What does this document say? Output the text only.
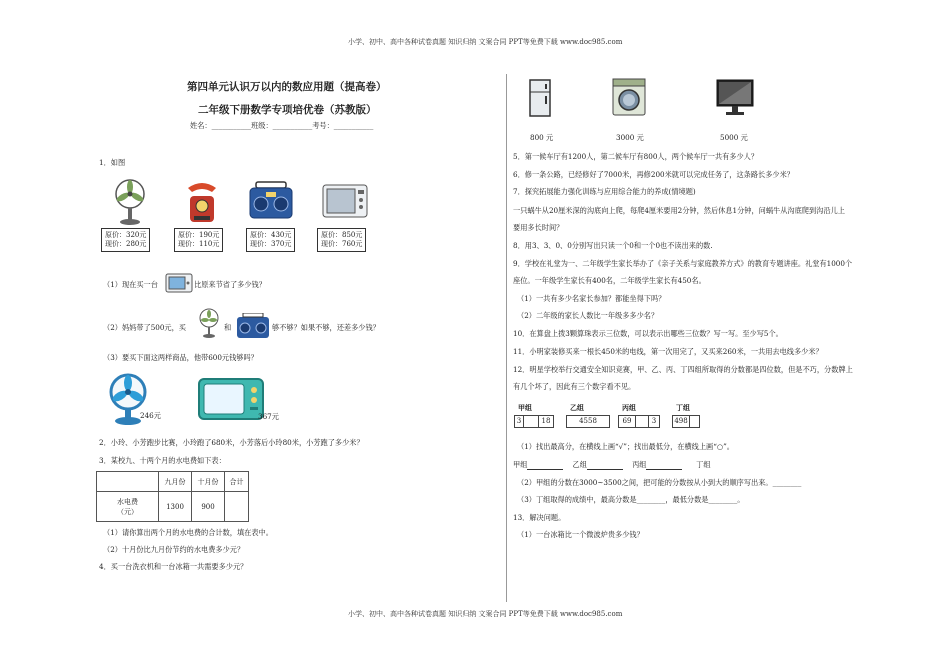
小学、初中、高中各种试卷真题 知识归纳 文案合同 PPT等免费下载 www.doc985.com
小学、初中、高中各种试卷真题 知识归纳 文案合同 PPT等免费下载 www.doc985.com
第四单元认识万以内的数应用题（提高卷）
二年级下册数学专项培优卷（苏教版）
姓名：___________班级：___________考号：___________
1．如图
原价：320元
现价：280元
原价：190元
现价：110元
原价：430元
现价：370元
原价：850元
现价：760元
（1）现在买一台	比原来节省了多少钱？
（2）妈妈带了500元，买	和	够不够？如果不够，还差多少钱？
（3）要买下面这两样商品，他带600元钱够吗？
246元	367元
2．小玲、小芳跑步比赛，小玲跑了680米，小芳落后小玲80米，小芳跑了多少米？
3．某校九、十两个月的水电费如下表：
	九月份	十月份	合计

水电费
（元）	1300	900	
（1）请你算出两个月的水电费的合计数，填在表中。
（2）十月份比九月份节约的水电费多少元？
4．买一台洗衣机和一台冰箱一共需要多少元？
800 元	3000 元	5000 元
5．第一候车厅有1200人，第二候车厅有800人，两个候车厅一共有多少人？
6．修一条公路，已经修好了7000米，再修200米就可以完成任务了，这条路长多少米？
7．探究拓展能力强化训练与应用综合能力的养成(情境题)
一只蜗牛从20厘米深的沟底向上爬，每爬4厘米要用2分钟，然后休息1分钟，问蜗牛从沟底爬到沟沿儿上
要用多长时间？
8．用3、3、0、0分别写出只读一个0和一个0也不读出来的数.
9．学校在礼堂为一、二年级学生家长举办了《亲子关系与家庭教养方式》的教育专题讲座。礼堂有1000个
座位。一年级学生家长有400名，二年级学生家长有450名。
（1）一共有多少名家长参加？都能坐得下吗？
（2）二年级的家长人数比一年级多多少名？
10．在算盘上拨3颗算珠表示三位数，可以表示出哪些三位数？写一写。至少写5个。
11．小明家装修买来一根长450米的电线，第一次用完了，又买来260米，一共用去电线多少米？
12．明星学校举行交通安全知识竞赛，甲、乙、丙、丁四组所取得的分数都是四位数，但是不巧，分数牌上
有几个坏了，因此有三个数字看不见。
甲组
3	18
乙组
4558
丙组
69	3
丁组
498
（1）找出最高分，在横线上画“√”；找出最低分，在横线上画“○”。
甲组	乙组	丙组	丁组
（2）甲组的分数在3000~3500之间，把可能的分数按从小到大的顺序写出来。________
（3）丁组取得的成绩中，最高分数是________，最低分数是________。
13．解决问题。
（1）一台冰箱比一个微波炉贵多少钱？
